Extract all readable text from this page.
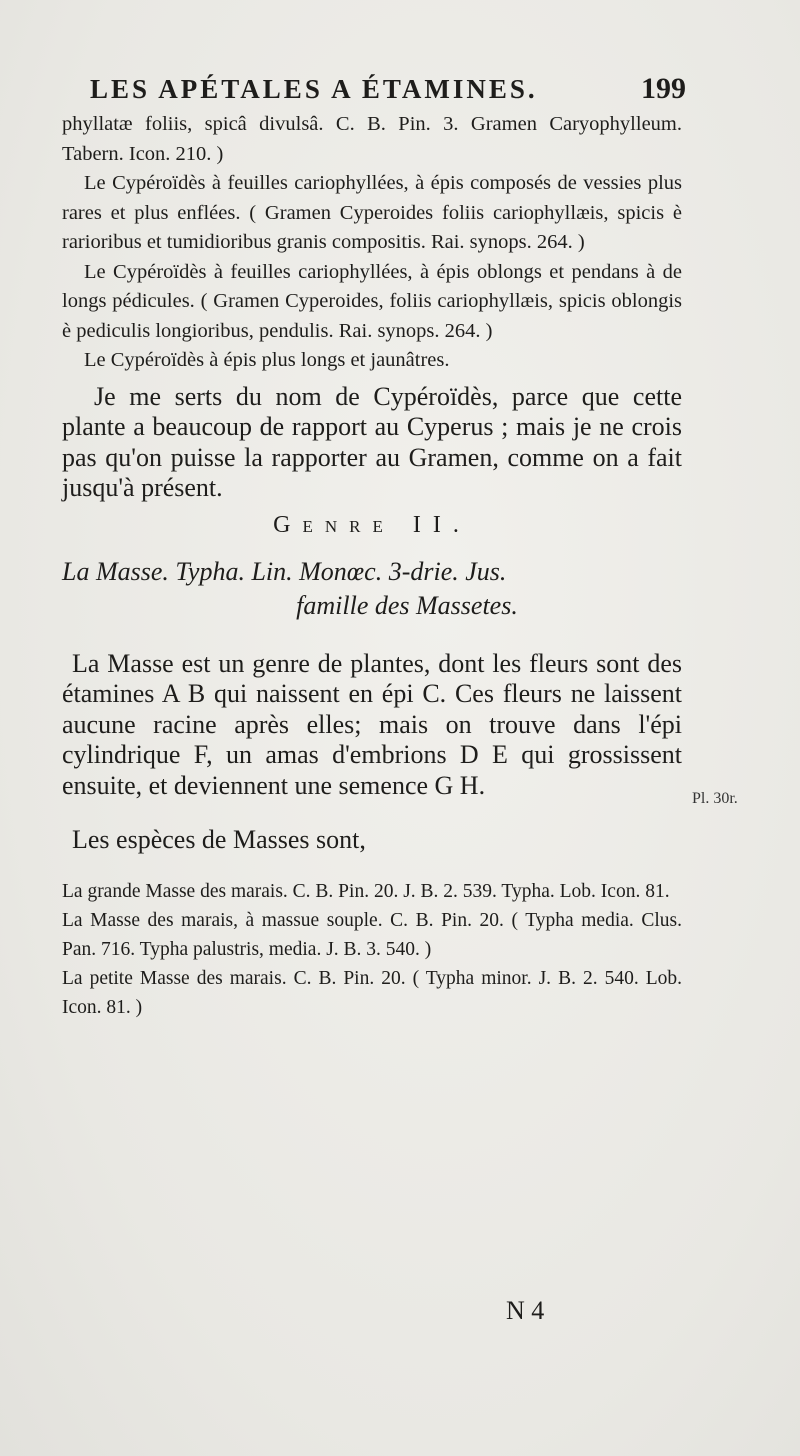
LES APÉTALES A ÉTAMINES.	199

phyllatæ foliis, spicâ divulsâ. C. B. Pin. 3. Gramen Caryophylleum. Tabern. Icon. 210. )

Le Cypéroïdès à feuilles cariophyllées, à épis composés de vessies plus rares et plus enflées. ( Gramen Cyperoides foliis cariophyllæis, spicis è rarioribus et tumidioribus granis compositis. Rai. synops. 264. )

Le Cypéroïdès à feuilles cariophyllées, à épis oblongs et pendans à de longs pédicules. ( Gramen Cyperoides, foliis cariophyllæis, spicis oblongis è pediculis longioribus, pendulis. Rai. synops. 264. )

Le Cypéroïdès à épis plus longs et jaunâtres.

Je me serts du nom de Cypéroïdès, parce que cette plante a beaucoup de rapport au Cyperus ; mais je ne crois pas qu'on puisse la rapporter au Gramen, comme on a fait jusqu'à présent.

Genre II.
La Masse. Typha. Lin. Monœc. 3-drie. Jus.
famille des Massetes.

La Masse est un genre de plantes, dont les fleurs sont des étamines A B qui naissent en épi C. Ces fleurs ne laissent aucune racine après elles; mais on trouve dans l'épi cylindrique F, un amas d'embrions D E qui grossissent ensuite, et deviennent une semence G H.

Les espèces de Masses sont,

La grande Masse des marais. C. B. Pin. 20. J. B. 2. 539. Typha. Lob. Icon. 81.

La Masse des marais, à massue souple. C. B. Pin. 20. ( Typha media. Clus. Pan. 716. Typha palustris, media. J. B. 3. 540. )

La petite Masse des marais. C. B. Pin. 20. ( Typha minor. J. B. 2. 540. Lob. Icon. 81. )

Pl. 30r.
N 4
